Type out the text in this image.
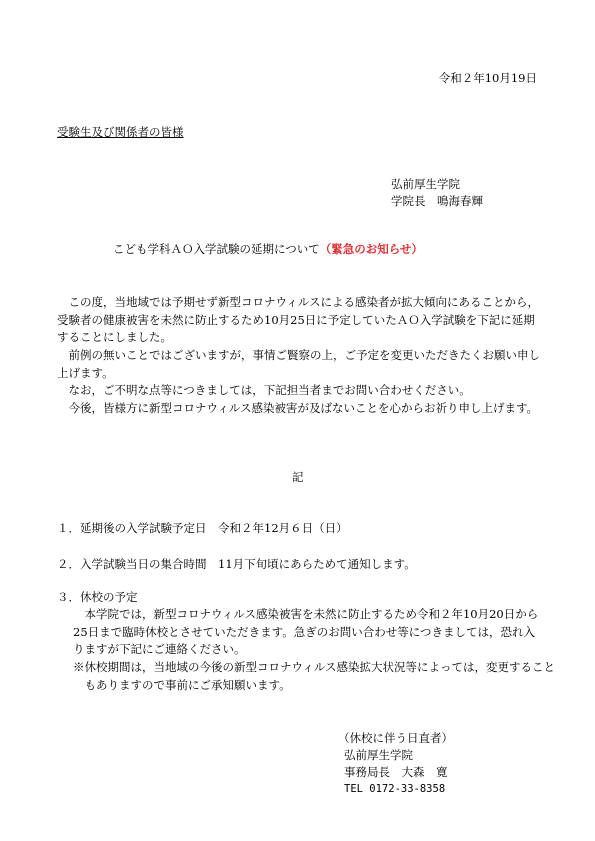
令和２年10月19日
受験生及び関係者の皆様
弘前厚生学院
学院長　鳴海春輝
こども学科ＡＯ入学試験の延期について（緊急のお知らせ）
この度，当地域では予期せず新型コロナウィルスによる感染者が拡大傾向にあることから，受験者の健康被害を未然に防止するため10月25日に予定していたＡＯ入学試験を下記に延期することにしました。
前例の無いことではございますが，事情ご賢察の上，ご予定を変更いただきたくお願い申し上げます。
なお，ご不明な点等につきましては，下記担当者までお問い合わせください。
今後，皆様方に新型コロナウィルス感染被害が及ばないことを心からお祈り申し上げます。
記
１．延期後の入学試験予定日　令和２年12月６日（日）
２．入学試験当日の集合時間　11月下旬頃にあらためて通知します。
３．休校の予定
本学院では，新型コロナウィルス感染被害を未然に防止するため令和２年10月20日から25日まで臨時休校とさせていただきます。急ぎのお問い合わせ等につきましては，恐れ入りますが下記にご連絡ください。
※休校期間は，当地域の今後の新型コロナウィルス感染拡大状況等によっては，変更することもありますので事前にご承知願います。
（休校に伴う日直者）
弘前厚生学院
事務局長　大森　寛
TEL 0172-33-8358
